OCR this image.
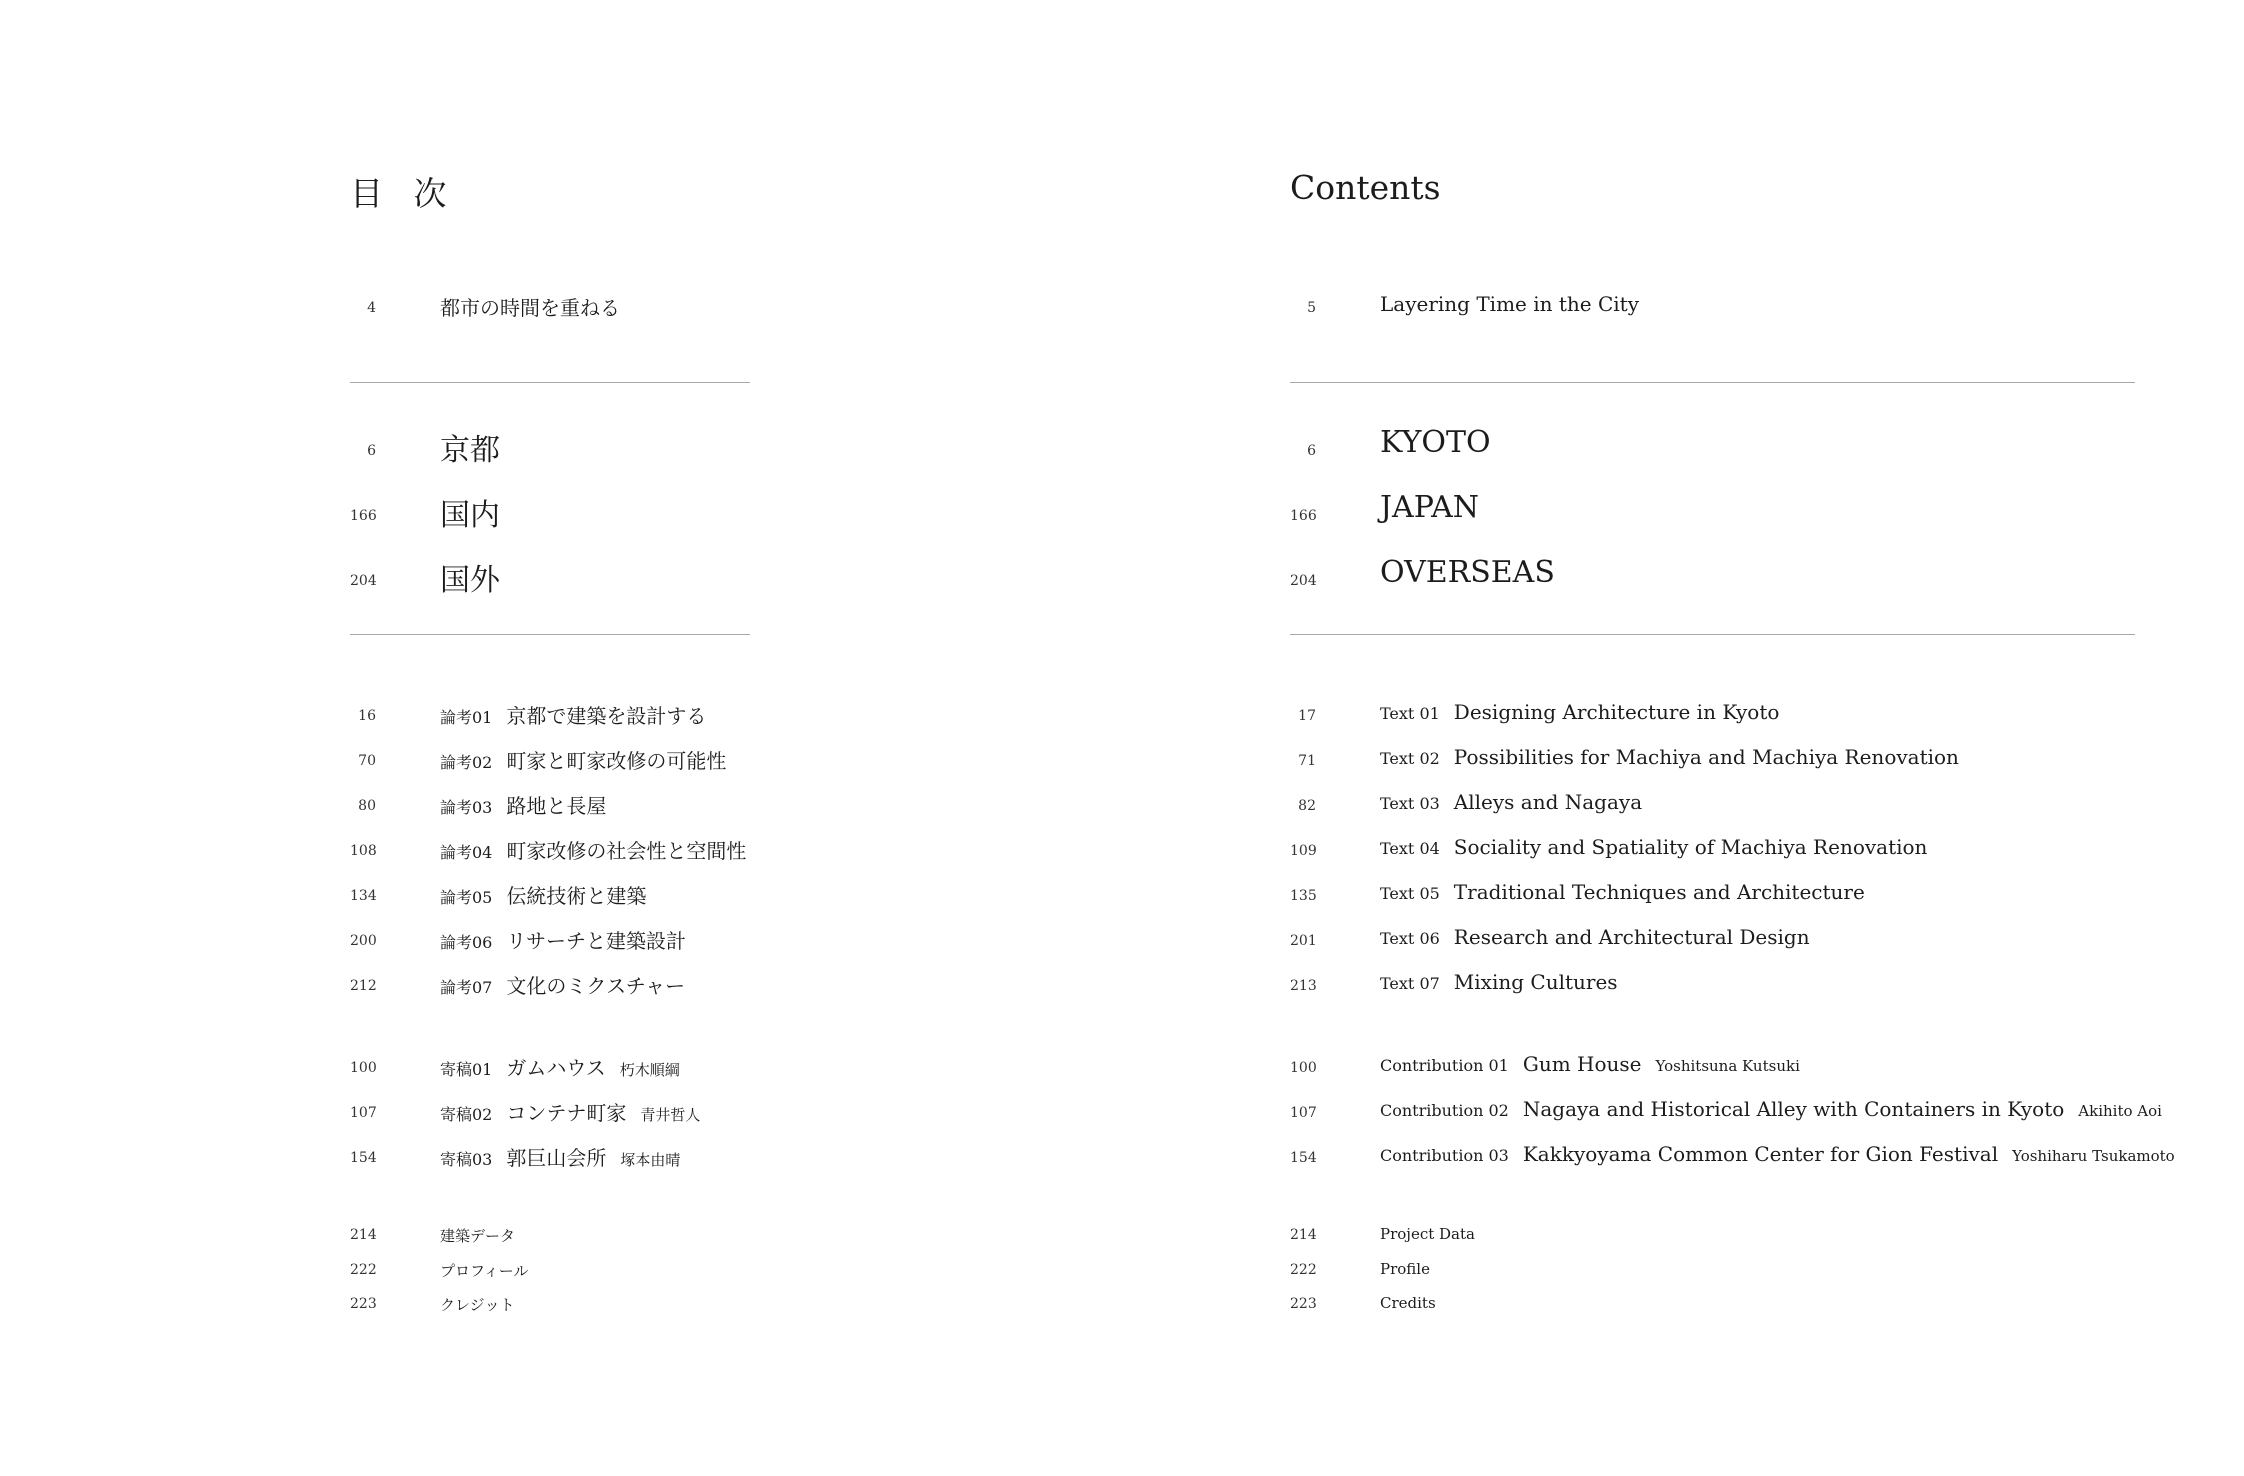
目 次
4	都市の時間を重ねる
6 京都
166 国内
204 国外
16	論考01 京都で建築を設計する
70	論考02 町家と町家改修の可能性
80	論考03 路地と長屋
108	論考04 町家改修の社会性と空間性
134	論考05 伝統技術と建築
200	論考06 リサーチと建築設計
212	論考07 文化のミクスチャー
100	寄稿01 ガムハウス 朽木順綱
107	寄稿02 コンテナ町家 青井哲人
154	寄稿03 郭巨山会所 塚本由晴
214	建築データ
222	プロフィール
223	クレジット
Contents
5	Layering Time in the City
6 KYOTO
166 JAPAN
204 OVERSEAS
17	Text 01 Designing Architecture in Kyoto
71	Text 02 Possibilities for Machiya and Machiya Renovation
82	Text 03 Alleys and Nagaya
109	Text 04 Sociality and Spatiality of Machiya Renovation
135	Text 05 Traditional Techniques and Architecture
201	Text 06 Research and Architectural Design
213	Text 07 Mixing Cultures
100	Contribution 01 Gum House Yoshitsuna Kutsuki
107	Contribution 02 Nagaya and Historical Alley with Containers in Kyoto Akihito Aoi
154	Contribution 03 Kakkyoyama Common Center for Gion Festival Yoshiharu Tsukamoto
214	Project Data
222	Profile
223	Credits
